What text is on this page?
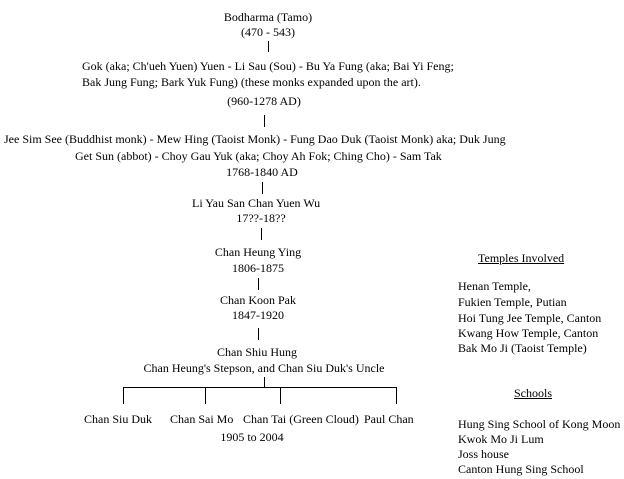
Bodharma (Tamo)
(470 - 543)
Gok (aka; Ch'ueh Yuen) Yuen - Li Sau (Sou) - Bu Ya Fung (aka; Bai Yi Feng;
Bak Jung Fung; Bark Yuk Fung) (these monks expanded upon the art).
(960-1278 AD)
Jee Sim See (Buddhist monk) - Mew Hing (Taoist Monk) - Fung Dao Duk (Taoist Monk) aka; Duk Jung
Get Sun (abbot) - Choy Gau Yuk (aka; Choy Ah Fok; Ching Cho) - Sam Tak
1768-1840 AD
Li Yau San Chan Yuen Wu
17??-18??
Chan Heung Ying
1806-1875
Chan Koon Pak
1847-1920
Chan Shiu Hung
Chan Heung's Stepson, and Chan Siu Duk's Uncle
Chan Siu Duk Chan Sai Mo Chan Tai (Green Cloud) Paul Chan
1905 to 2004
Temples Involved
Henan Temple,
Fukien Temple, Putian
Hoi Tung Jee Temple, Canton
Kwang How Temple, Canton
Bak Mo Ji (Taoist Temple)
Schools
Hung Sing School of Kong Moon
Kwok Mo Ji Lum
Joss house
Canton Hung Sing School
